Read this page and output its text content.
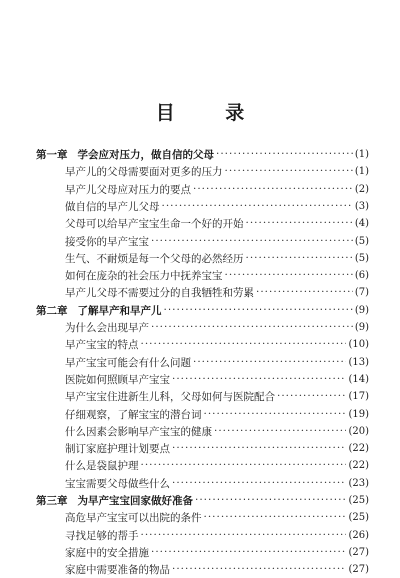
目 录
第一章 学会应对压力，做自信的父母 ·····	(1)
早产儿的父母需要面对更多的压力 ·····	(1)
早产儿父母应对压力的要点 ·····	(2)
做自信的早产儿父母 ·····	(3)
父母可以给早产宝宝生命一个好的开始 ·····	(4)
接受你的早产宝宝 ·····	(5)
生气、不耐烦是每一个父母的必然经历 ·····	(5)
如何在庞杂的社会压力中抚养宝宝 ·····	(6)
早产儿父母不需要过分的自我牺牲和劳累 ·····	(7)
第二章 了解早产和早产儿 ·····	(9)
为什么会出现早产 ·····	(9)
早产宝宝的特点 ·····	(10)
早产宝宝可能会有什么问题 ·····	(13)
医院如何照顾早产宝宝 ·····	(14)
早产宝宝住进新生儿科，父母如何与医院配合 ·····	(17)
仔细观察，了解宝宝的潜台词 ·····	(19)
什么因素会影响早产宝宝的健康 ·····	(20)
制订家庭护理计划要点 ·····	(22)
什么是袋鼠护理 ·····	(22)
宝宝需要父母做些什么 ·····	(23)
第三章 为早产宝宝回家做好准备 ·····	(25)
高危早产宝宝可以出院的条件 ·····	(25)
寻找足够的帮手 ·····	(26)
家庭中的安全措施 ·····	(27)
家庭中需要准备的物品 ·····	(27)
